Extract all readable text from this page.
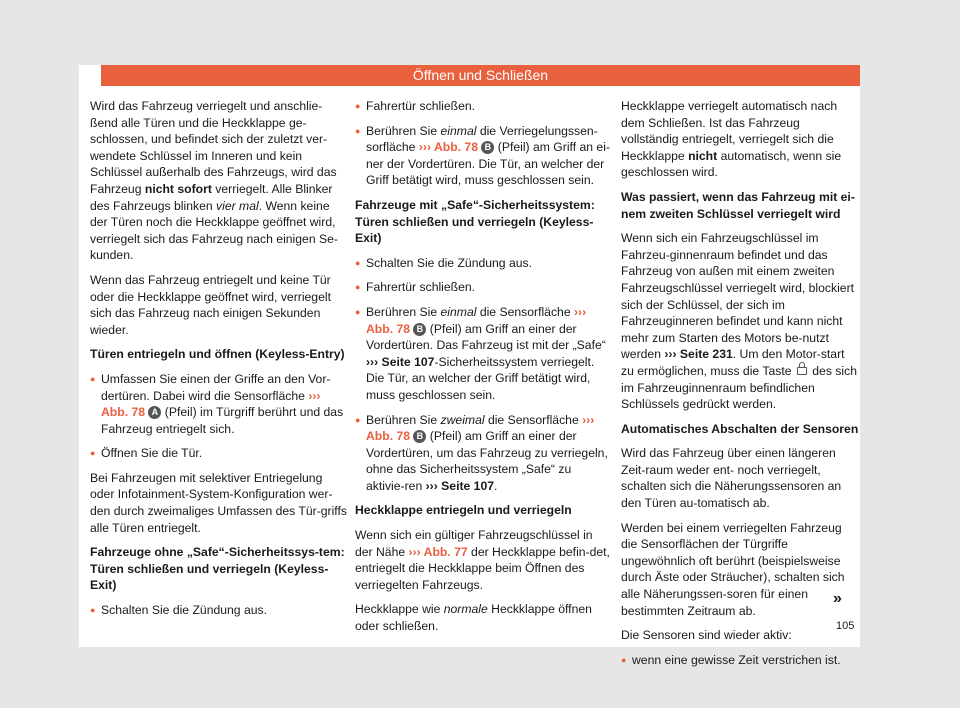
Öffnen und Schließen

Wird das Fahrzeug verriegelt und anschlie-ßend alle Türen und die Heckklappe ge-schlossen, und befindet sich der zuletzt ver-wendete Schlüssel im Inneren und kein Schlüssel außerhalb des Fahrzeugs, wird das Fahrzeug nicht sofort verriegelt. Alle Blinker des Fahrzeugs blinken vier mal. Wenn keine der Türen noch die Heckklappe geöffnet wird, verriegelt sich das Fahrzeug nach einigen Se-kunden.

Wenn das Fahrzeug entriegelt und keine Tür oder die Heckklappe geöffnet wird, verriegelt sich das Fahrzeug nach einigen Sekunden wieder.

Türen entriegeln und öffnen (Keyless-Entry)
● Umfassen Sie einen der Griffe an den Vor-dertüren. Dabei wird die Sensorfläche ››› Abb. 78 A (Pfeil) im Türgriff berührt und das Fahrzeug entriegelt sich.
● Öffnen Sie die Tür.

Bei Fahrzeugen mit selektiver Entriegelung oder Infotainment-System-Konfiguration wer-den durch zweimaliges Umfassen des Tür-griffs alle Türen entriegelt.

Fahrzeuge ohne „Safe“-Sicherheitssys-tem: Türen schließen und verriegeln (Keyless-Exit)
● Schalten Sie die Zündung aus.
● Fahrertür schließen.
● Berühren Sie einmal die Verriegelungssen-sorfläche ››› Abb. 78 B (Pfeil) am Griff an ei-ner der Vordertüren. Die Tür, an welcher der Griff betätigt wird, muss geschlossen sein.
Fahrzeuge mit „Safe“-Sicherheitssystem: Türen schließen und verriegeln (Keyless-Exit)
● Schalten Sie die Zündung aus.
● Fahrertür schließen.
● Berühren Sie einmal die Sensorfläche ››› Abb. 78 B (Pfeil) am Griff an einer der Vordertüren. Das Fahrzeug ist mit der „Safe“ ››› Seite 107-Sicherheitssystem verriegelt. Die Tür, an welcher der Griff betätigt wird, muss geschlossen sein.
● Berühren Sie zweimal die Sensorfläche ››› Abb. 78 B (Pfeil) am Griff an einer der Vordertüren, um das Fahrzeug zu verriegeln, ohne das Sicherheitssystem „Safe“ zu aktivie-ren ››› Seite 107.
Heckklappe entriegeln und verriegeln

Wenn sich ein gültiger Fahrzeugschlüssel in der Nähe ››› Abb. 77 der Heckklappe befin-det, entriegelt die Heckklappe beim Öffnen des verriegelten Fahrzeugs.

Heckklappe wie normale Heckklappe öffnen oder schließen.

Heckklappe verriegelt automatisch nach dem Schließen. Ist das Fahrzeug vollständig entriegelt, verriegelt sich die Heckklappe nicht automatisch, wenn sie geschlossen wird.

Was passiert, wenn das Fahrzeug mit ei-nem zweiten Schlüssel verriegelt wird

Wenn sich ein Fahrzeugschlüssel im Fahrzeu-ginnenraum befindet und das Fahrzeug von außen mit einem zweiten Fahrzeugschlüssel verriegelt wird, blockiert sich der Schlüssel, der sich im Fahrzeuginneren befindet und kann nicht mehr zum Starten des Motors be-nutzt werden ››› Seite 231. Um den Motor-start zu ermöglichen, muss die Taste  des sich im Fahrzeuginnenraum befindlichen Schlüssels gedrückt werden.

Automatisches Abschalten der Sensoren

Wird das Fahrzeug über einen längeren Zeit-raum weder ent- noch verriegelt, schalten sich die Näherungssensoren an den Türen au-tomatisch ab.

Werden bei einem verriegelten Fahrzeug die Sensorflächen der Türgriffe ungewöhnlich oft berührt (beispielsweise durch Äste oder Sträucher), schalten sich alle Näherungssen-soren für einen bestimmten Zeitraum ab.

Die Sensoren sind wieder aktiv:

● wenn eine gewisse Zeit verstrichen ist.
»
105
